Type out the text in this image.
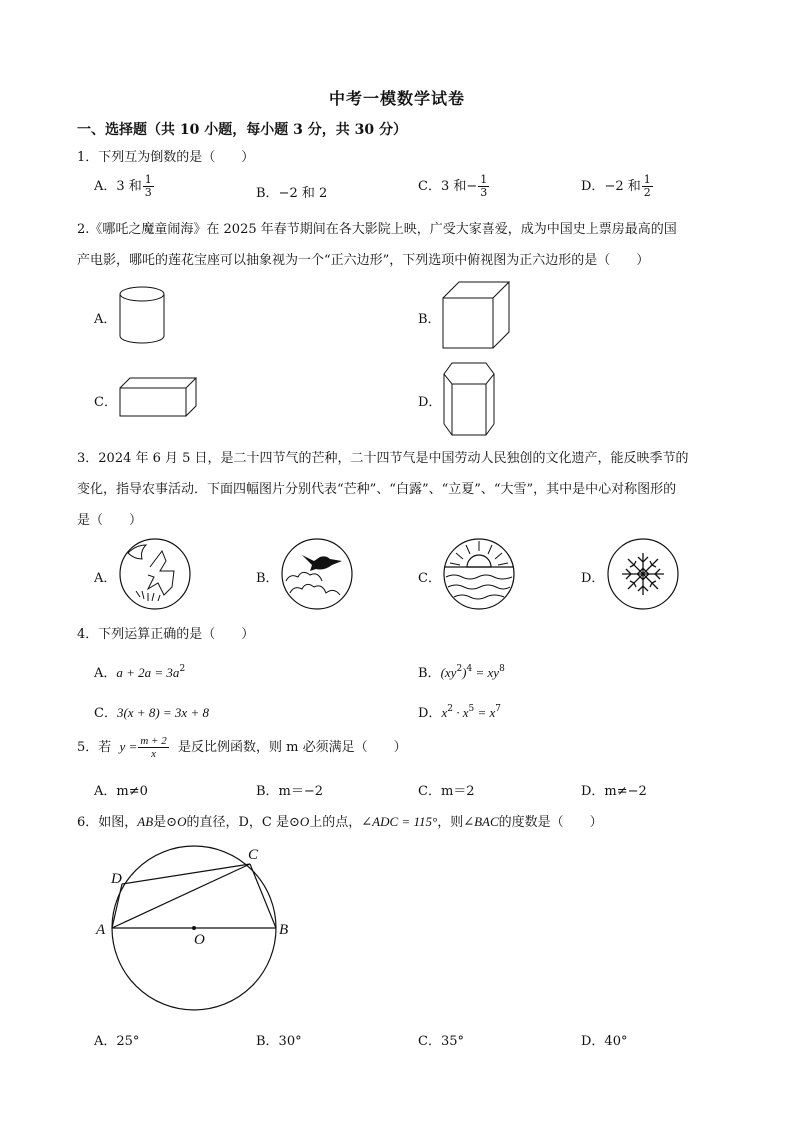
中考一模数学试卷
一、选择题（共 10 小题，每小题 3 分，共 30 分）
1．下列互为倒数的是（　　）
A．3 和 $\frac{1}{3}$	B．−2 和 2	C．3 和− $\frac{1}{3}$	D．−2 和 $\frac{1}{2}$
2.《哪吒之魔童闹海》在 2025 年春节期间在各大影院上映，广受大家喜爱，成为中国史上票房最高的国
产电影，哪吒的莲花宝座可以抽象视为一个“正六边形”，下列选项中俯视图为正六边形的是（　　）
A．	B．
C．	D．
3．2024 年 6 月 5 日，是二十四节气的芒种，二十四节气是中国劳动人民独创的文化遗产，能反映季节的
变化，指导农事活动．下面四幅图片分别代表“芒种”、“白露”、“立夏”、“大雪”，其中是中心对称图形的
是（　　）
A．	B．	C．	D．
4．下列运算正确的是（　　）
A．$a + 2a = 3a^2$	B．$(xy^2)^4 = xy^8$
C．3(x + 8) = 3x + 8	D．$x^2 \cdot x^5 = x^7$
5．若 $y = \frac{m + 2}{x}$ 是反比例函数，则 m 必须满足（　　）
A．m≠0	B．m＝−2	C．m＝2	D．m≠−2
6．如图，AB是⊙O的直径，D，C 是⊙O上的点，∠ADC = 115°，则∠BAC的度数是（　　）
A	B
C
D
O
A．25°	B．30°	C．35°	D．40°
